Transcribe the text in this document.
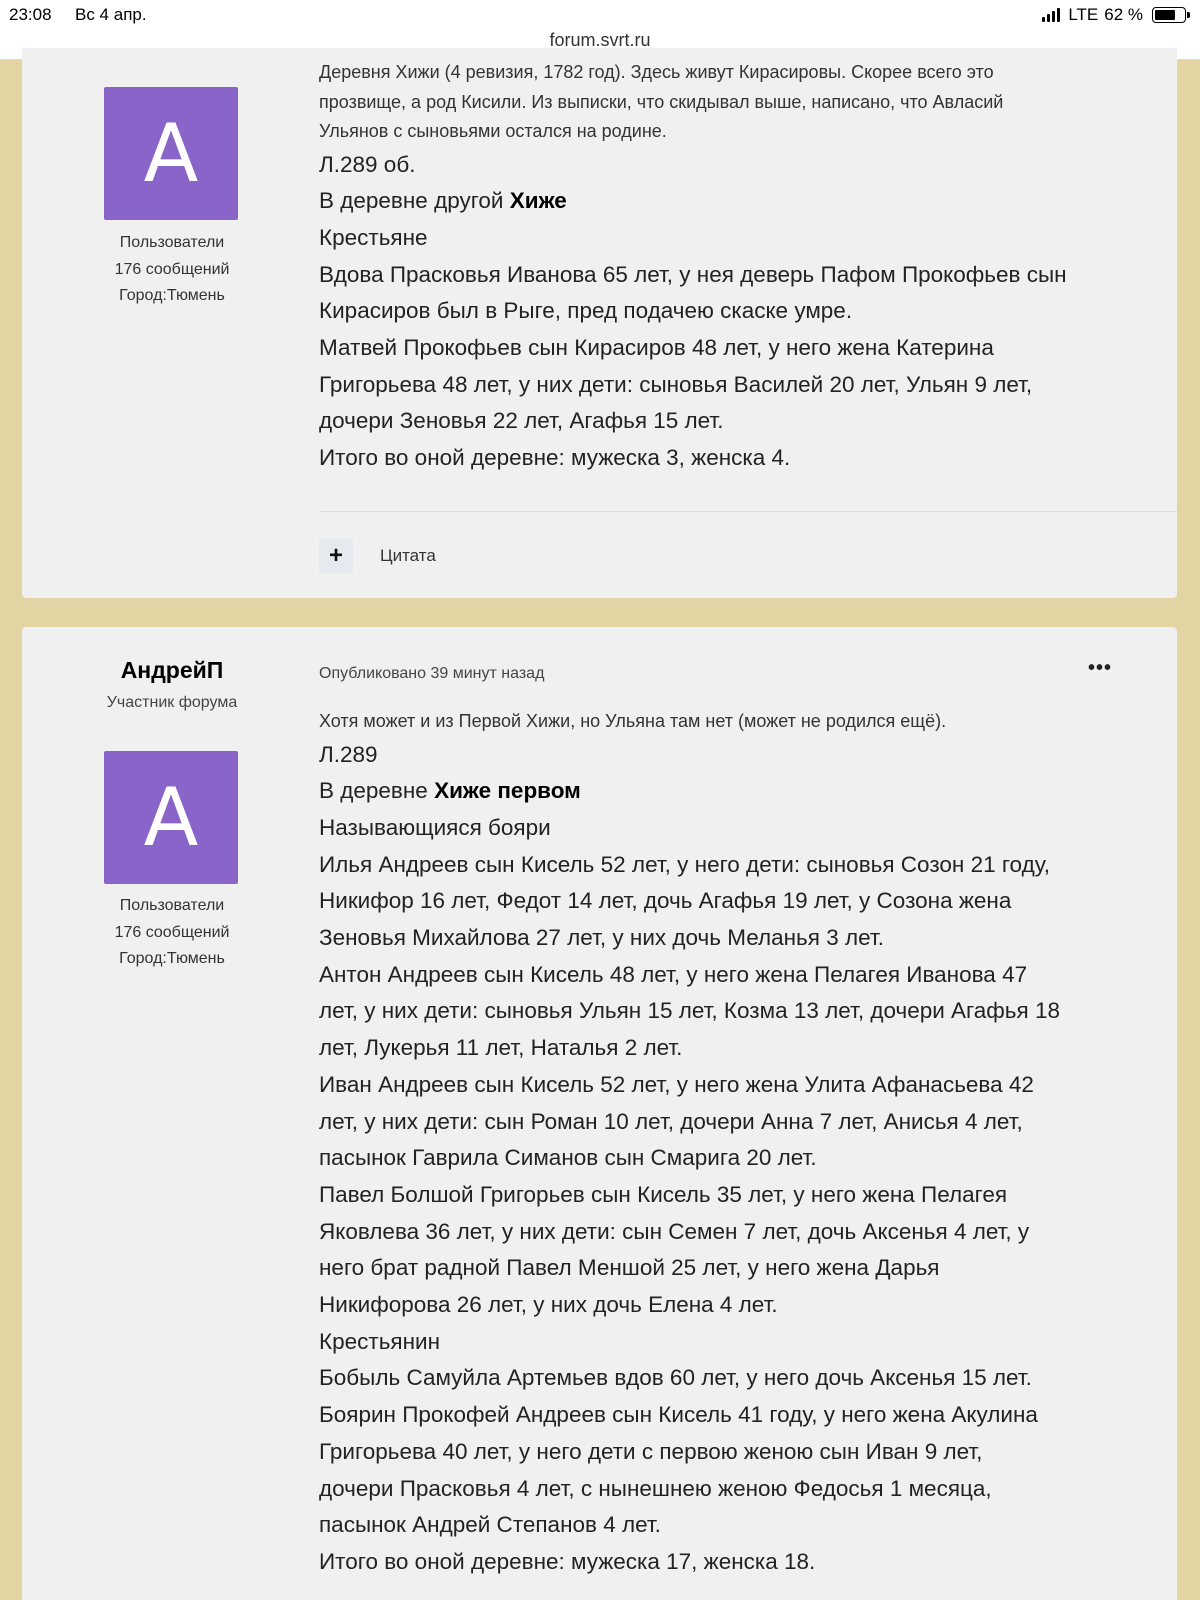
23:08 Вс 4 апр.	LTE 62 %
А
Пользователи
176 сообщений
Город:Тюмень
Деревня Хижи (4 ревизия, 1782 год). Здесь живут Кирасировы. Скорее всего это
прозвище, а род Кисили. Из выписки, что скидывал выше, написано, что Авласий
Ульянов с сыновьями остался на родине.
Л.289 об.
В деревне другой Хиже
Крестьяне
Вдова Прасковья Иванова 65 лет, у нея деверь Пафом Прокофьев сын
Кирасиров был в Рыге, пред подачею скаске умре.
Матвей Прокофьев сын Кирасиров 48 лет, у него жена Катерина
Григорьева 48 лет, у них дети: сыновья Василей 20 лет, Ульян 9 лет,
дочери Зеновья 22 лет, Агафья 15 лет.
Итого во оной деревне: мужеска 3, женска 4.
+	Цитата
forum.svrt.ru
АндрейП
Участник форума
А
Пользователи
176 сообщений
Город:Тюмень
Опубликовано 39 минут назад	•••
Хотя может и из Первой Хижи, но Ульяна там нет (может не родился ещё).
Л.289
В деревне Хиже первом
Называющияся бояри
Илья Андреев сын Кисель 52 лет, у него дети: сыновья Созон 21 году,
Никифор 16 лет, Федот 14 лет, дочь Агафья 19 лет, у Созона жена
Зеновья Михайлова 27 лет, у них дочь Меланья 3 лет.
Антон Андреев сын Кисель 48 лет, у него жена Пелагея Иванова 47
лет, у них дети: сыновья Ульян 15 лет, Козма 13 лет, дочери Агафья 18
лет, Лукерья 11 лет, Наталья 2 лет.
Иван Андреев сын Кисель 52 лет, у него жена Улита Афанасьева 42
лет, у них дети: сын Роман 10 лет, дочери Анна 7 лет, Анисья 4 лет,
пасынок Гаврила Симанов сын Смарига 20 лет.
Павел Болшой Григорьев сын Кисель 35 лет, у него жена Пелагея
Яковлева 36 лет, у них дети: сын Семен 7 лет, дочь Аксенья 4 лет, у
него брат радной Павел Меншой 25 лет, у него жена Дарья
Никифорова 26 лет, у них дочь Елена 4 лет.
Крестьянин
Бобыль Самуйла Артемьев вдов 60 лет, у него дочь Аксенья 15 лет.
Боярин Прокофей Андреев сын Кисель 41 году, у него жена Акулина
Григорьева 40 лет, у него дети с первою женою сын Иван 9 лет,
дочери Прасковья 4 лет, с нынешнею женою Федосья 1 месяца,
пасынок Андрей Степанов 4 лет.
Итого во оной деревне: мужеска 17, женска 18.
